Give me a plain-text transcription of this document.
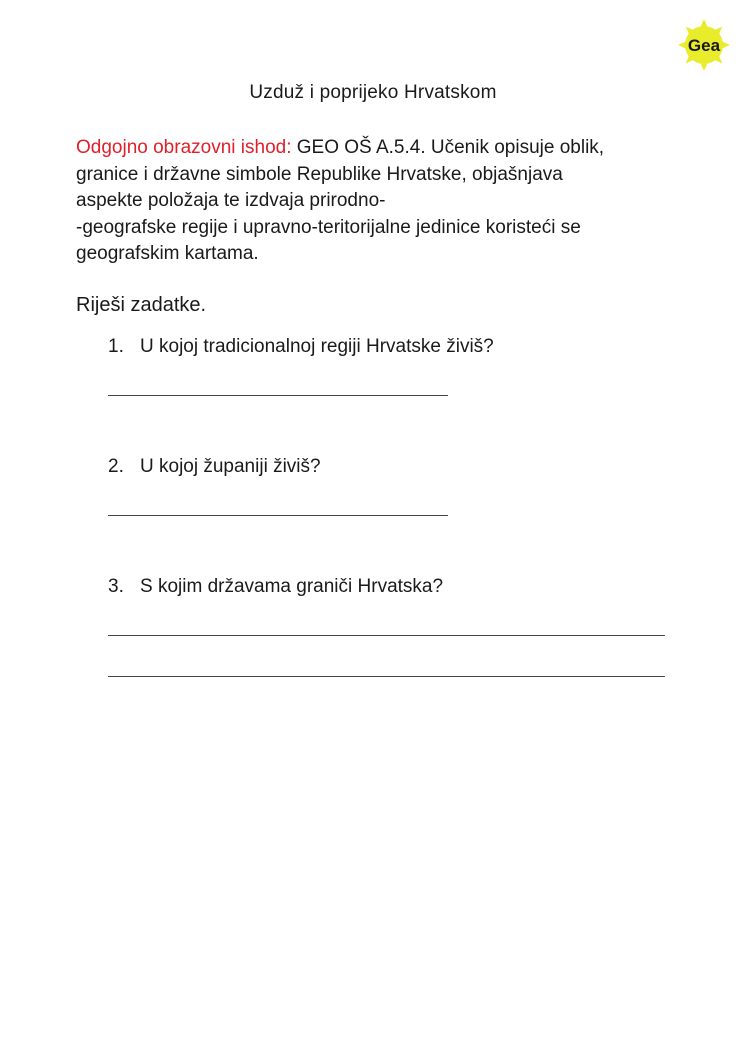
Gea
Uzduž i poprijeko Hrvatskom
Odgojno obrazovni ishod: GEO OŠ A.5.4. Učenik opisuje oblik,
granice i državne simbole Republike Hrvatske, objašnjava
aspekte položaja te izdvaja prirodno-
-geografske regije i upravno-teritorijalne jedinice koristeći se
geografskim kartama.
Riješi zadatke.
1. U kojoj tradicionalnoj regiji Hrvatske živiš?
2. U kojoj županiji živiš?
3. S kojim državama graniči Hrvatska?
